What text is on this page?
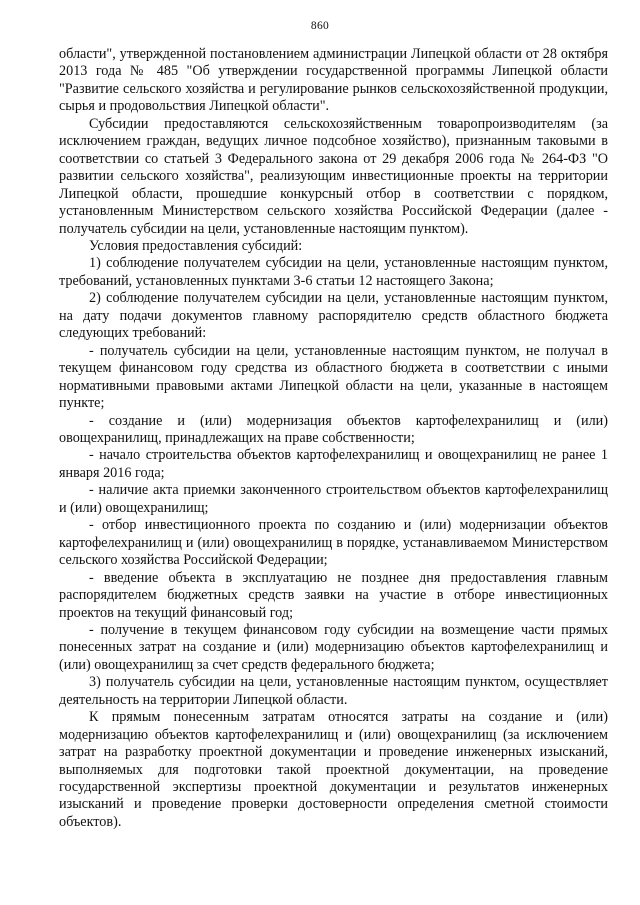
860

области", утвержденной постановлением администрации Липецкой области от 28 октября 2013 года № 485 "Об утверждении государственной программы Липецкой области "Развитие сельского хозяйства и регулирование рынков сельскохозяйственной продукции, сырья и продовольствия Липецкой области".

Субсидии предоставляются сельскохозяйственным товаропроизводителям (за исключением граждан, ведущих личное подсобное хозяйство), признанным таковыми в соответствии со статьей 3 Федерального закона от 29 декабря 2006 года № 264-ФЗ "О развитии сельского хозяйства", реализующим инвестиционные проекты на территории Липецкой области, прошедшие конкурсный отбор в соответствии с порядком, установленным Министерством сельского хозяйства Российской Федерации (далее - получатель субсидии на цели, установленные настоящим пунктом).

Условия предоставления субсидий:

1) соблюдение получателем субсидии на цели, установленные настоящим пунктом, требований, установленных пунктами 3-6 статьи 12 настоящего Закона;

2) соблюдение получателем субсидии на цели, установленные настоящим пунктом, на дату подачи документов главному распорядителю средств областного бюджета следующих требований:

- получатель субсидии на цели, установленные настоящим пунктом, не получал в текущем финансовом году средства из областного бюджета в соответствии с иными нормативными правовыми актами Липецкой области на цели, указанные в настоящем пункте;

- создание и (или) модернизация объектов картофелехранилищ и (или) овощехранилищ, принадлежащих на праве собственности;

- начало строительства объектов картофелехранилищ и овощехранилищ не ранее 1 января 2016 года;

- наличие акта приемки законченного строительством объектов картофелехранилищ и (или) овощехранилищ;

- отбор инвестиционного проекта по созданию и (или) модернизации объектов картофелехранилищ и (или) овощехранилищ в порядке, устанавливаемом Министерством сельского хозяйства Российской Федерации;

- введение объекта в эксплуатацию не позднее дня предоставления главным распорядителем бюджетных средств заявки на участие в отборе инвестиционных проектов на текущий финансовый год;

- получение в текущем финансовом году субсидии на возмещение части прямых понесенных затрат на создание и (или) модернизацию объектов картофелехранилищ и (или) овощехранилищ за счет средств федерального бюджета;

3) получатель субсидии на цели, установленные настоящим пунктом, осуществляет деятельность на территории Липецкой области.

К прямым понесенным затратам относятся затраты на создание и (или) модернизацию объектов картофелехранилищ и (или) овощехранилищ (за исключением затрат на разработку проектной документации и проведение инженерных изысканий, выполняемых для подготовки такой проектной документации, на проведение государственной экспертизы проектной документации и результатов инженерных изысканий и проведение проверки достоверности определения сметной стоимости объектов).
